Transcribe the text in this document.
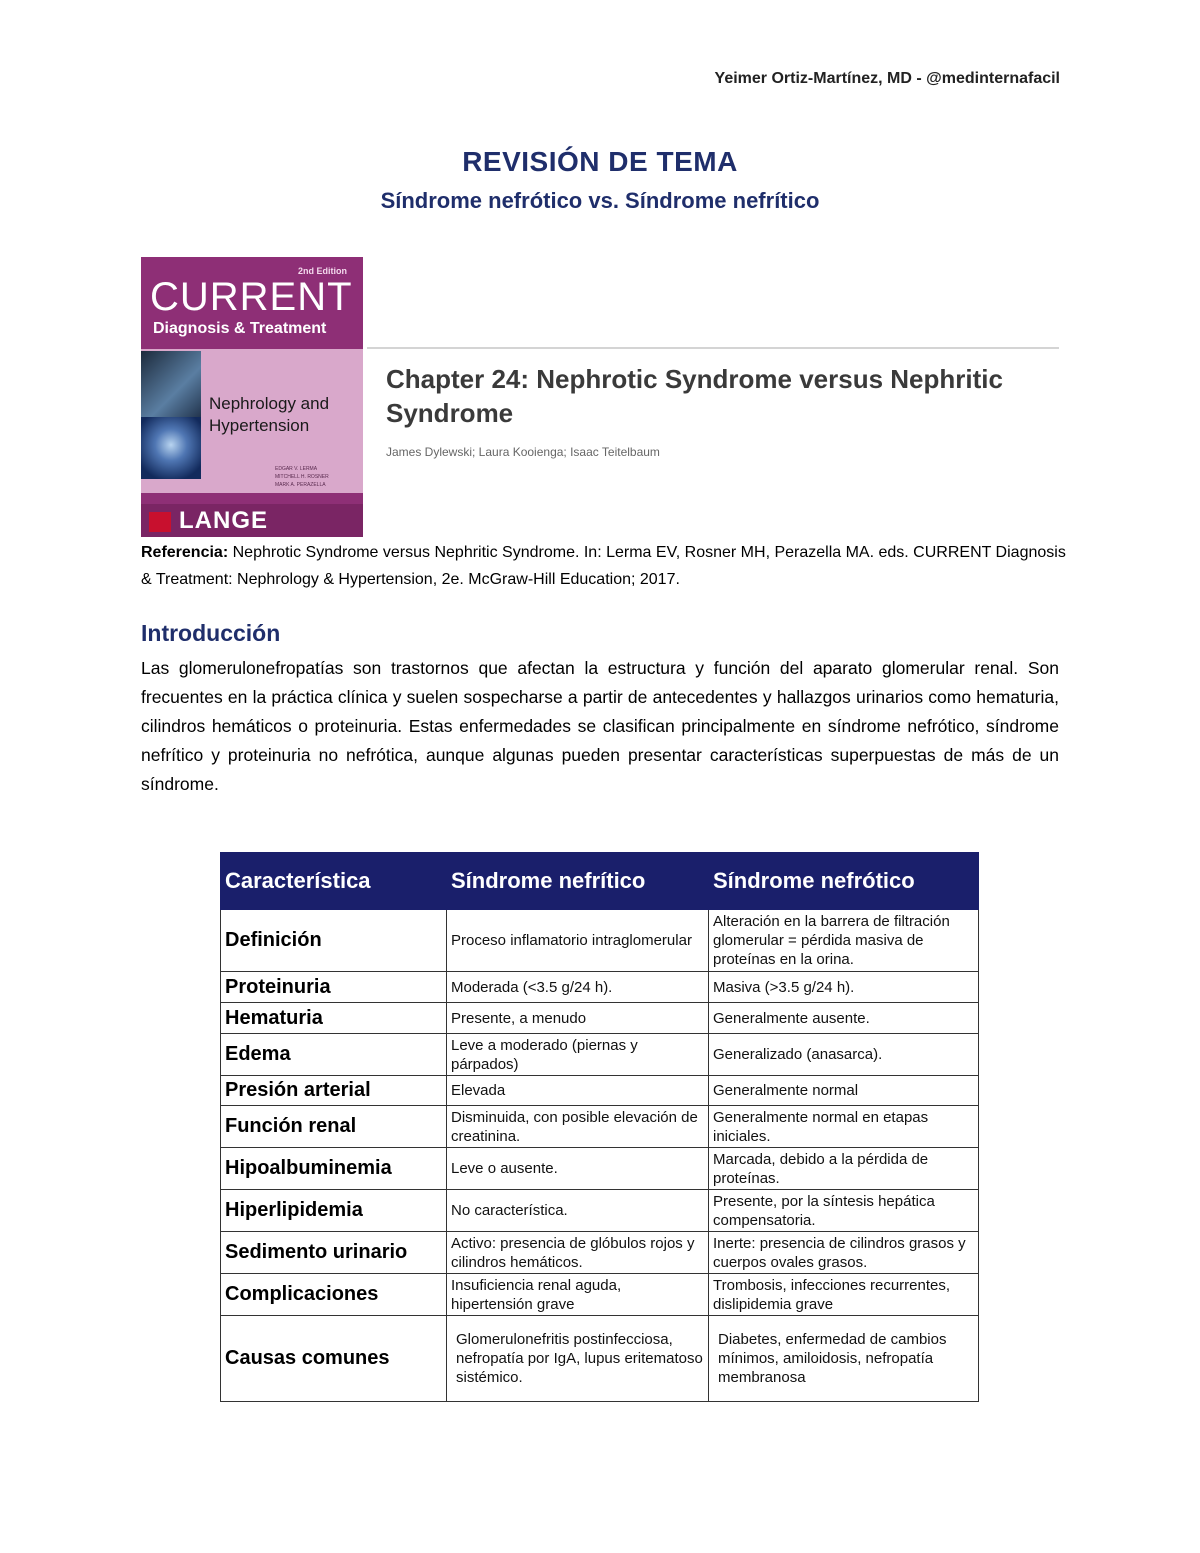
Yeimer Ortiz-Martínez, MD - @medinternafacil
REVISIÓN DE TEMA
Síndrome nefrótico vs. Síndrome nefrítico
2nd Edition
CURRENT
Diagnosis & Treatment
Nephrology and
Hypertension
EDGAR V. LERMA
MITCHELL H. ROSNER
MARK A. PERAZELLA
LANGE
Chapter 24: Nephrotic Syndrome versus Nephritic Syndrome
James Dylewski; Laura Kooienga; Isaac Teitelbaum
Referencia: Nephrotic Syndrome versus Nephritic Syndrome. In: Lerma EV, Rosner MH, Perazella MA. eds. CURRENT Diagnosis & Treatment: Nephrology & Hypertension, 2e. McGraw-Hill Education; 2017.
Introducción
Las glomerulonefropatías son trastornos que afectan la estructura y función del aparato glomerular renal. Son frecuentes en la práctica clínica y suelen sospecharse a partir de antecedentes y hallazgos urinarios como hematuria, cilindros hemáticos o proteinuria. Estas enfermedades se clasifican principalmente en síndrome nefrótico, síndrome nefrítico y proteinuria no nefrótica, aunque algunas pueden presentar características superpuestas de más de un síndrome.
Característica	Síndrome nefrítico	Síndrome nefrótico
Definición	Proceso inflamatorio intraglomerular	Alteración en la barrera de filtración glomerular = pérdida masiva de proteínas en la orina.
Proteinuria	Moderada (<3.5 g/24 h).	Masiva (>3.5 g/24 h).
Hematuria	Presente, a menudo	Generalmente ausente.
Edema	Leve a moderado (piernas y párpados)	Generalizado (anasarca).
Presión arterial	Elevada	Generalmente normal
Función renal	Disminuida, con posible elevación de creatinina.	Generalmente normal en etapas iniciales.
Hipoalbuminemia	Leve o ausente.	Marcada, debido a la pérdida de proteínas.
Hiperlipidemia	No característica.	Presente, por la síntesis hepática compensatoria.
Sedimento urinario	Activo: presencia de glóbulos rojos y cilindros hemáticos.	Inerte: presencia de cilindros grasos y cuerpos ovales grasos.
Complicaciones	Insuficiencia renal aguda, hipertensión grave	Trombosis, infecciones recurrentes, dislipidemia grave
Causas comunes	Glomerulonefritis postinfecciosa, nefropatía por IgA, lupus eritematoso sistémico.	Diabetes, enfermedad de cambios mínimos, amiloidosis, nefropatía membranosa
